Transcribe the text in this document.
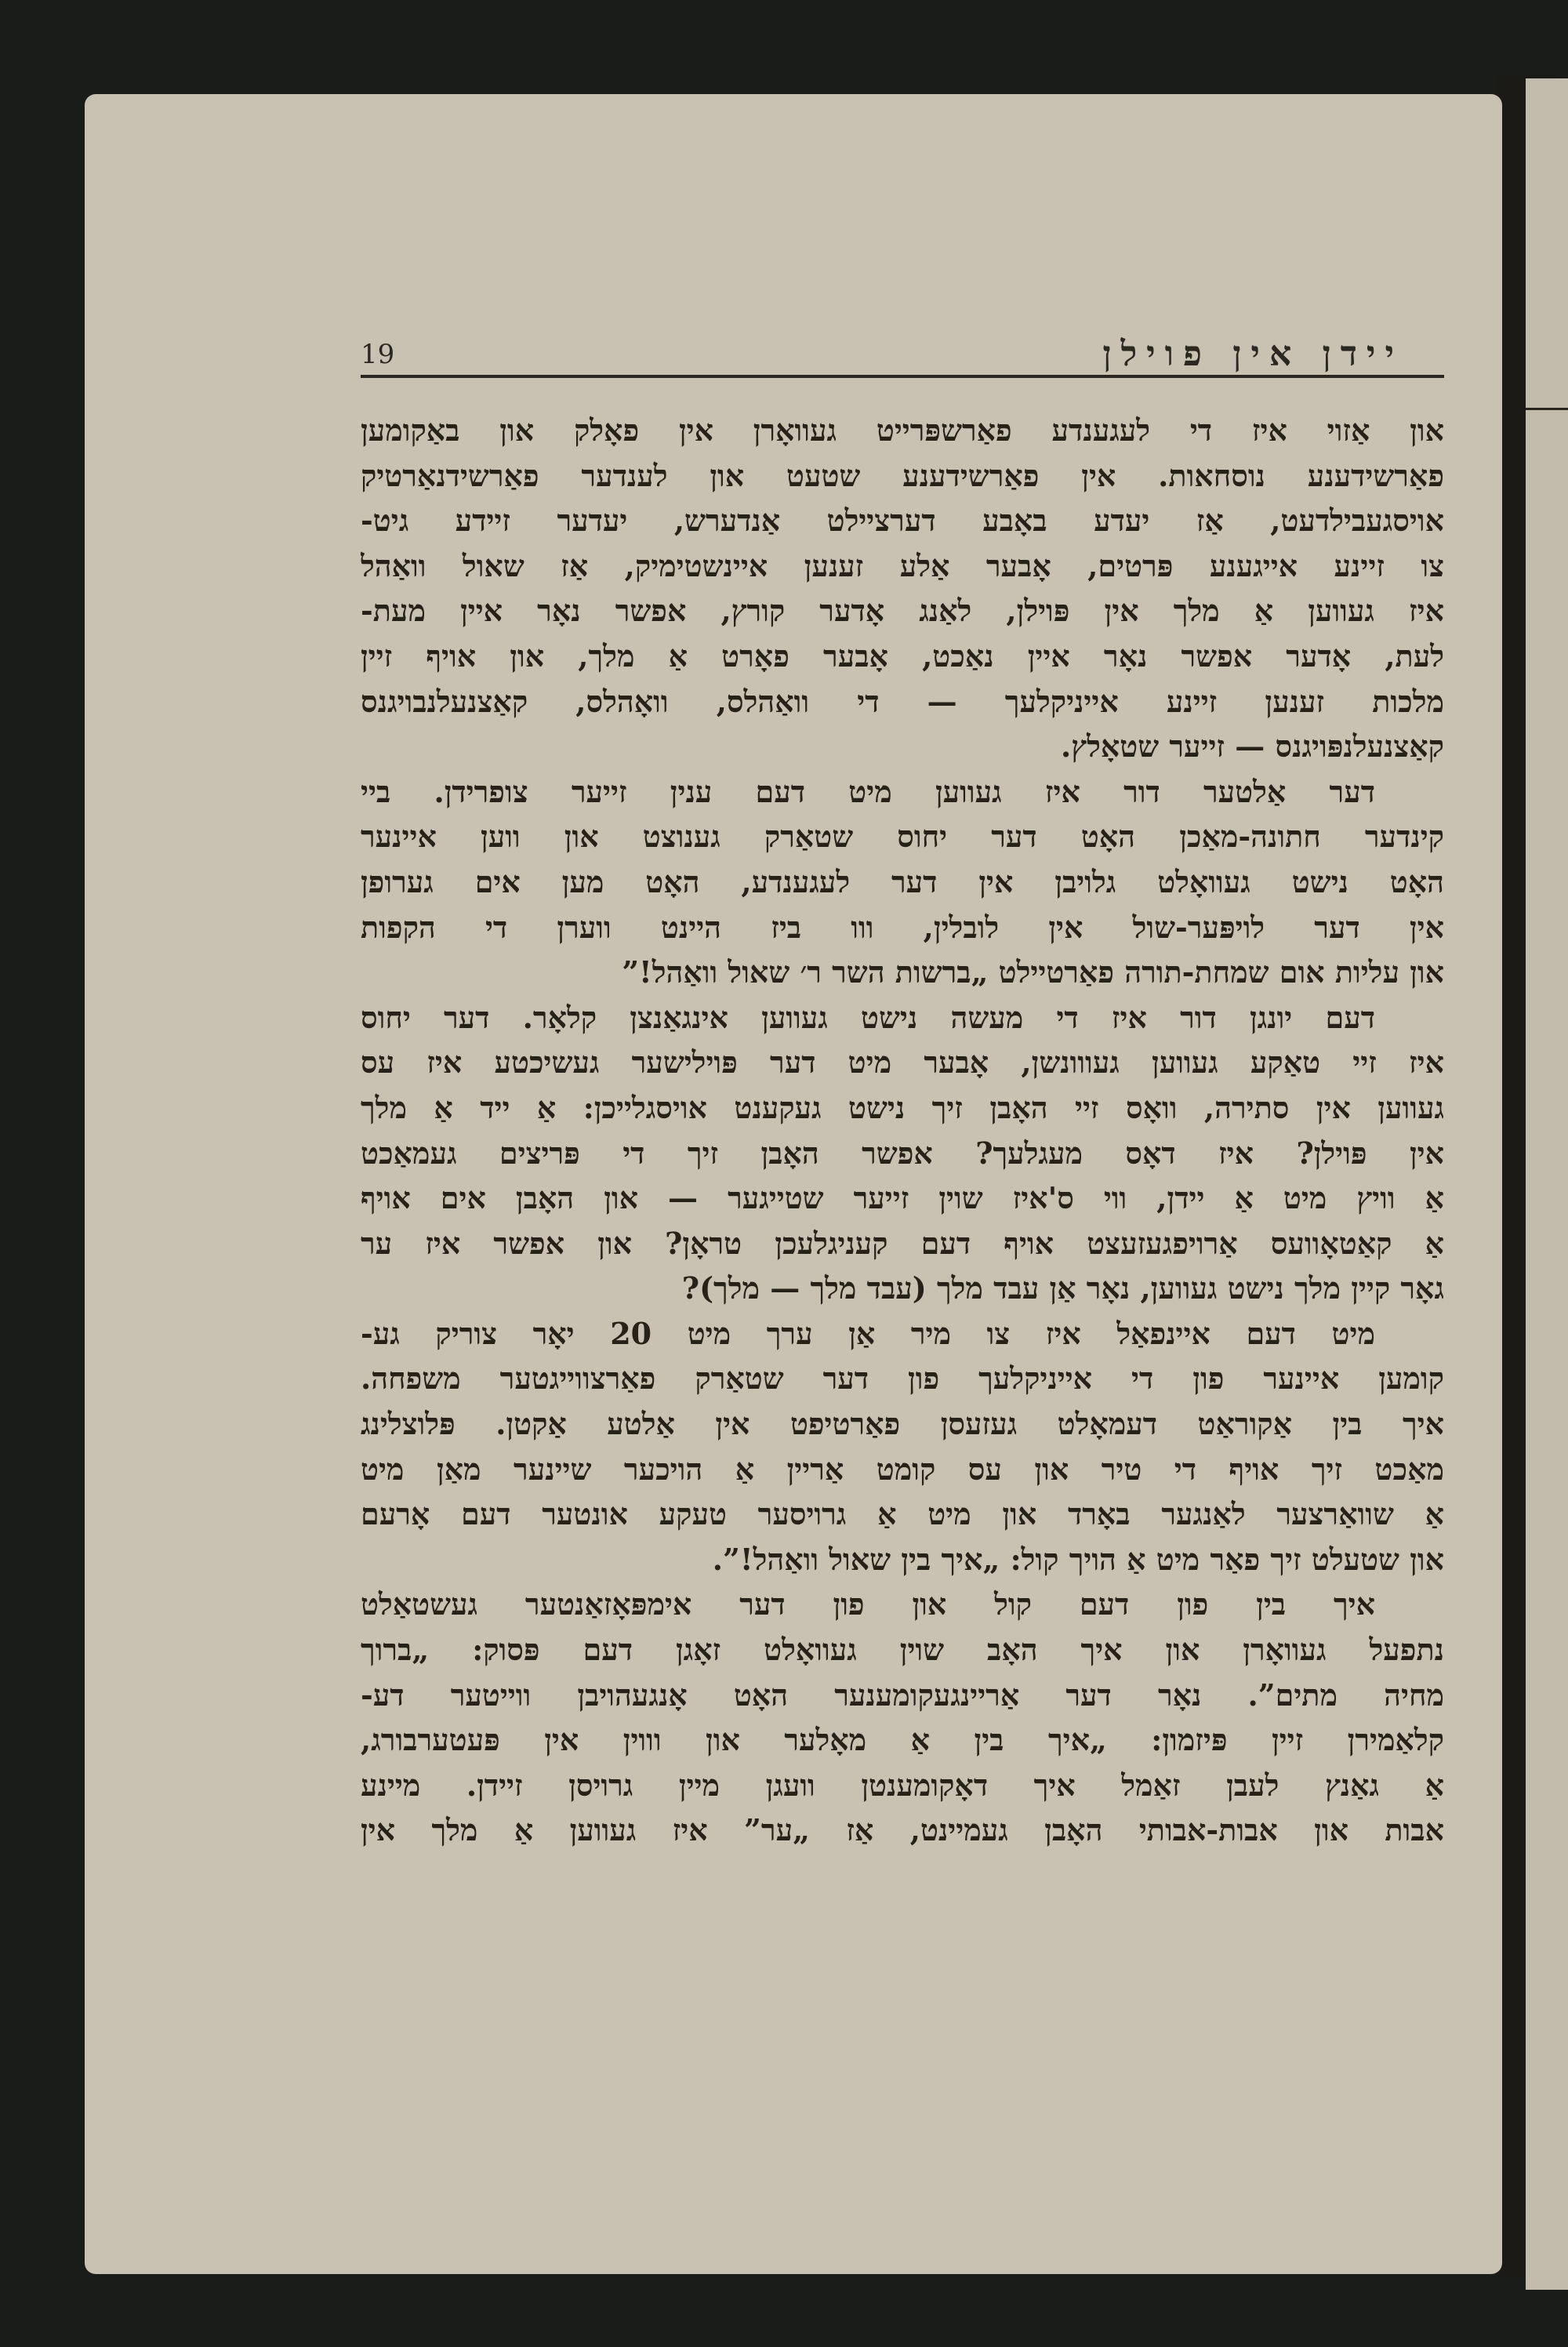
19	יידן אין פוילן
און אַזוי איז די לעגענדע פאַרשפּרייט געוואָרן אין פאָלק און באַקומען
פאַרשידענע נוסחאות. אין פאַרשידענע שטעט און לענדער פאַרשידנאַרטיק
אויסגעבילדעט, אַז יעדע באָבע דערציילט אַנדערש, יעדער זיידע גיט-
צו זיינע אייגענע פּרטים, אָבער אַלע זענען איינשטימיק, אַז שאול וואַהל
איז געווען אַ מלך אין פּוילן, לאַנג אָדער קורץ, אפשר נאָר איין מעת-
לעת, אָדער אפשר נאָר איין נאַכט, אָבער פאָרט אַ מלך, און אויף זיין
מלכות זענען זיינע אייניקלעך — די וואַהלס, וואָהלס, קאַצנעלנבויגנס
קאַצנעלנפּויגנס — זייער שטאָלץ.
דער אַלטער דור איז געווען מיט דעם ענין זייער צופרידן. ביי
קינדער חתונה-מאַכן האָט דער יחוס שטאַרק גענוצט און ווען איינער
האָט נישט געוואָלט גלויבן אין דער לעגענדע, האָט מען אים גערופן
אין דער לויפּער-שול אין לובלין, ווו ביז היינט ווערן די הקפות
און עליות אום שמחת-תורה פאַרטיילט „ברשות השר ר׳ שאול וואַהל!”
דעם יונגן דור איז די מעשה נישט געווען אינגאַנצן קלאָר. דער יחוס
איז זיי טאַקע געווען געווונשן, אָבער מיט דער פּוילישער געשיכטע איז עס
געווען אין סתירה, וואָס זיי האָבן זיך נישט געקענט אויסגלייכן: אַ ייד אַ מלך
אין פּוילן? איז דאָס מעגלעך? אפשר האָבן זיך די פּריצים געמאַכט
אַ וויץ מיט אַ יידן, ווי ס'איז שוין זייער שטייגער — און האָבן אים אויף
אַ קאַטאָוועס אַרויפגעזעצט אויף דעם קעניגלעכן טראָן? און אפשר איז ער
גאָר קיין מלך נישט געווען, נאָר אַן עבד מלך (עבד מלך — מלך)?
מיט דעם איינפאַל איז צו מיר אַן ערך מיט 20 יאָר צוריק גע-
קומען איינער פון די אייניקלעך פון דער שטאַרק פאַרצווייגטער משפחה.
איך בין אַקוראַט דעמאָלט געזעסן פאַרטיפט אין אַלטע אַקטן. פּלוצלינג
מאַכט זיך אויף די טיר און עס קומט אַריין אַ הויכער שיינער מאַן מיט
אַ שוואַרצער לאַנגער באָרד און מיט אַ גרויסער טעקע אונטער דעם אָרעם
און שטעלט זיך פאַר מיט אַ הויך קול: „איך בין שאול וואַהל!”.
איך בין פון דעם קול און פון דער אימפּאָזאַנטער געשטאַלט
נתפעל געוואָרן און איך האָב שוין געוואָלט זאָגן דעם פּסוק: „ברוך
מחיה מתים”. נאָר דער אַריינגעקומענער האָט אָנגעהויבן ווייטער דע-
קלאַמירן זיין פּיזמון: „איך בין אַ מאָלער און וווין אין פּעטערבורג,
אַ גאַנץ לעבן זאַמל איך דאָקומענטן וועגן מיין גרויסן זיידן. מיינע
אבות און אבות-אבותי האָבן געמיינט, אַז „ער” איז געווען אַ מלך אין
